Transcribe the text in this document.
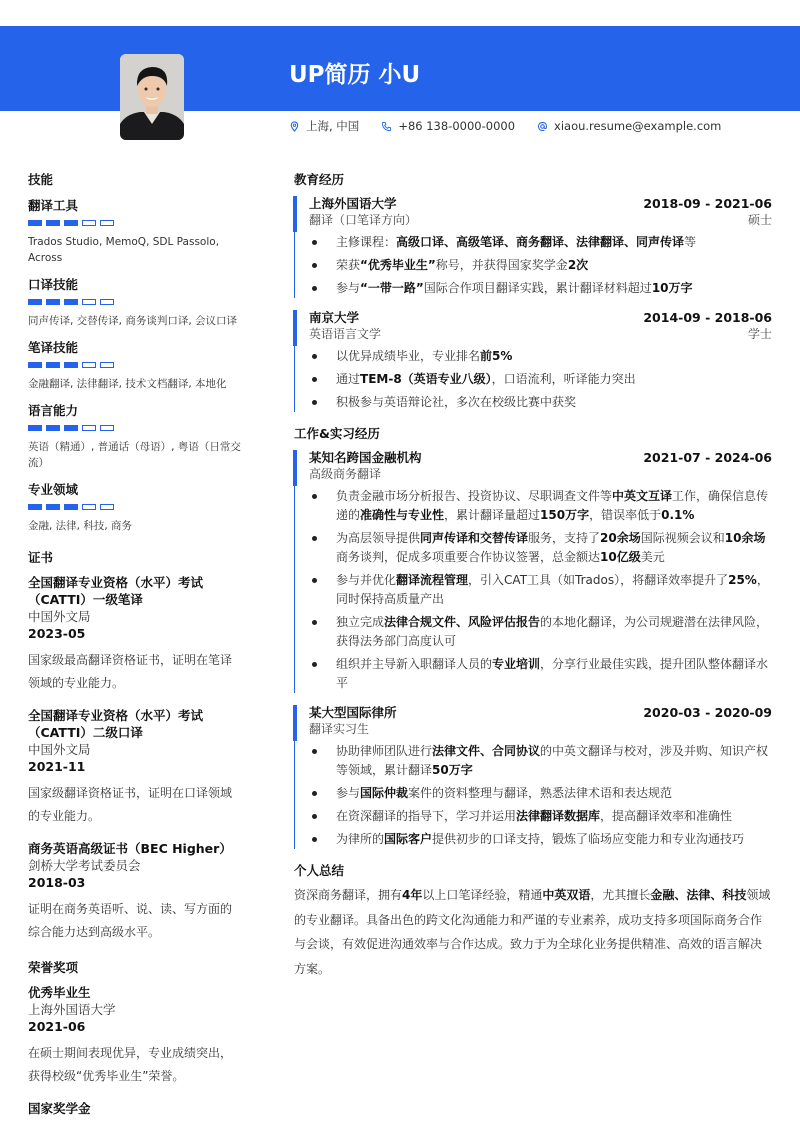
UP简历 小U
上海, 中国	+86 138-0000-0000	xiaou.resume@example.com
技能
翻译工具
Trados Studio, MemoQ, SDL Passolo, Across
口译技能
同声传译, 交替传译, 商务谈判口译, 会议口译
笔译技能
金融翻译, 法律翻译, 技术文档翻译, 本地化
语言能力
英语（精通）, 普通话（母语）, 粤语（日常交流）
专业领域
金融, 法律, 科技, 商务
证书
全国翻译专业资格（水平）考试（CATTI）一级笔译
中国外文局
2023-05
国家级最高翻译资格证书，证明在笔译领域的专业能力。
全国翻译专业资格（水平）考试（CATTI）二级口译
中国外文局
2021-11
国家级翻译资格证书，证明在口译领域的专业能力。
商务英语高级证书（BEC Higher）
剑桥大学考试委员会
2018-03
证明在商务英语听、说、读、写方面的综合能力达到高级水平。
荣誉奖项
优秀毕业生
上海外国语大学
2021-06
在硕士期间表现优异，专业成绩突出，获得校级“优秀毕业生”荣誉。
国家奖学金
教育经历
上海外国语大学	2018-09 - 2021-06
翻译（口笔译方向）	硕士
主修课程：高级口译、高级笔译、商务翻译、法律翻译、同声传译等
荣获“优秀毕业生”称号，并获得国家奖学金2次
参与“一带一路”国际合作项目翻译实践，累计翻译材料超过10万字
南京大学	2014-09 - 2018-06
英语语言文学	学士
以优异成绩毕业，专业排名前5%
通过TEM-8（英语专业八级），口语流利，听译能力突出
积极参与英语辩论社，多次在校级比赛中获奖
工作&实习经历
某知名跨国金融机构	2021-07 - 2024-06
高级商务翻译
负责金融市场分析报告、投资协议、尽职调查文件等中英文互译工作，确保信息传递的准确性与专业性，累计翻译量超过150万字，错误率低于0.1%
为高层领导提供同声传译和交替传译服务，支持了20余场国际视频会议和10余场商务谈判，促成多项重要合作协议签署，总金额达10亿级美元
参与并优化翻译流程管理，引入CAT工具（如Trados），将翻译效率提升了25%，同时保持高质量产出
独立完成法律合规文件、风险评估报告的本地化翻译，为公司规避潜在法律风险，获得法务部门高度认可
组织并主导新入职翻译人员的专业培训，分享行业最佳实践，提升团队整体翻译水平
某大型国际律所	2020-03 - 2020-09
翻译实习生
协助律师团队进行法律文件、合同协议的中英文翻译与校对，涉及并购、知识产权等领域，累计翻译50万字
参与国际仲裁案件的资料整理与翻译，熟悉法律术语和表达规范
在资深翻译的指导下，学习并运用法律翻译数据库，提高翻译效率和准确性
为律所的国际客户提供初步的口译支持，锻炼了临场应变能力和专业沟通技巧
个人总结
资深商务翻译，拥有4年以上口笔译经验，精通中英双语，尤其擅长金融、法律、科技领域的专业翻译。具备出色的跨文化沟通能力和严谨的专业素养，成功支持多项国际商务合作与会谈，有效促进沟通效率与合作达成。致力于为全球化业务提供精准、高效的语言解决方案。
